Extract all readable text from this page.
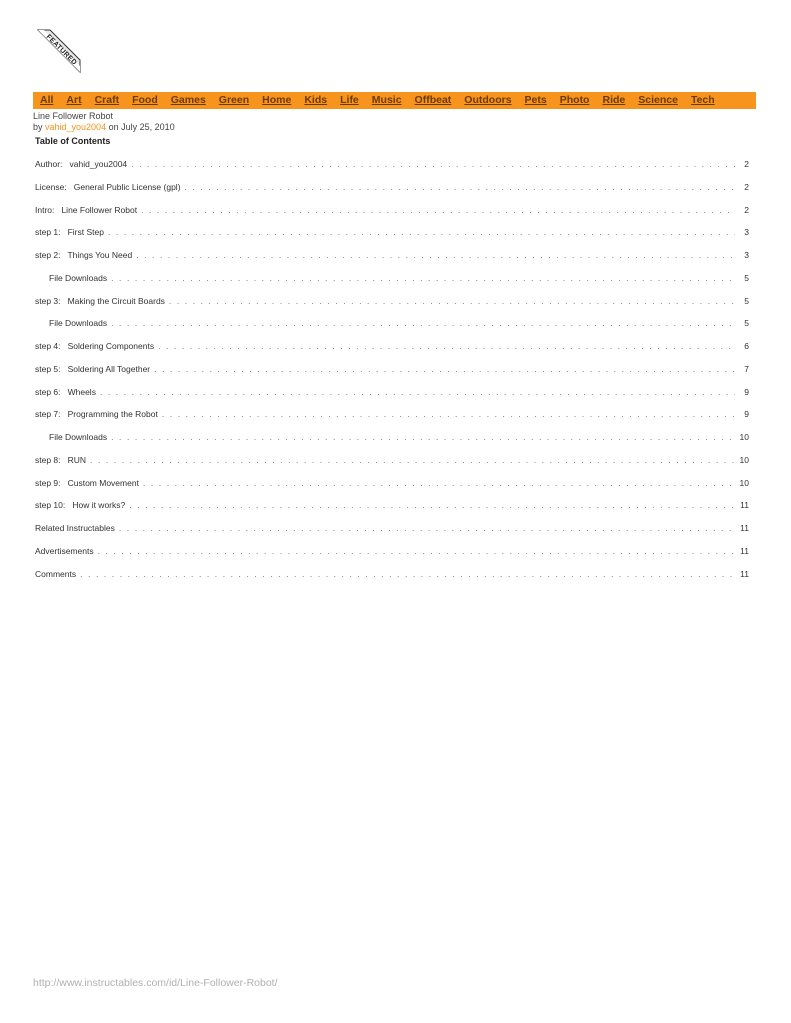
FEATURED
All Art Craft Food Games Green Home Kids Life Music Offbeat Outdoors Pets Photo Ride Science Tech
Line Follower Robot
by vahid_you2004 on July 25, 2010
Table of Contents
Author:   vahid_you2004 . . .	2
License:   General Public License (gpl) . . .	2
Intro:   Line Follower Robot . . .	2
step 1:   First Step . . .	3
step 2:   Things You Need . . .	3
File Downloads . . .	5
step 3:   Making the Circuit Boards . . .	5
File Downloads . . .	5
step 4:   Soldering Components . . .	6
step 5:   Soldering All Together . . .	7
step 6:   Wheels . . .	9
step 7:   Programming the Robot . . .	9
File Downloads . . .	10
step 8:   RUN . . .	10
step 9:   Custom Movement . . .	10
step 10:   How it works? . . .	11
Related Instructables . . .	11
Advertisements . . .	11
Comments . . .	11
http://www.instructables.com/id/Line-Follower-Robot/
